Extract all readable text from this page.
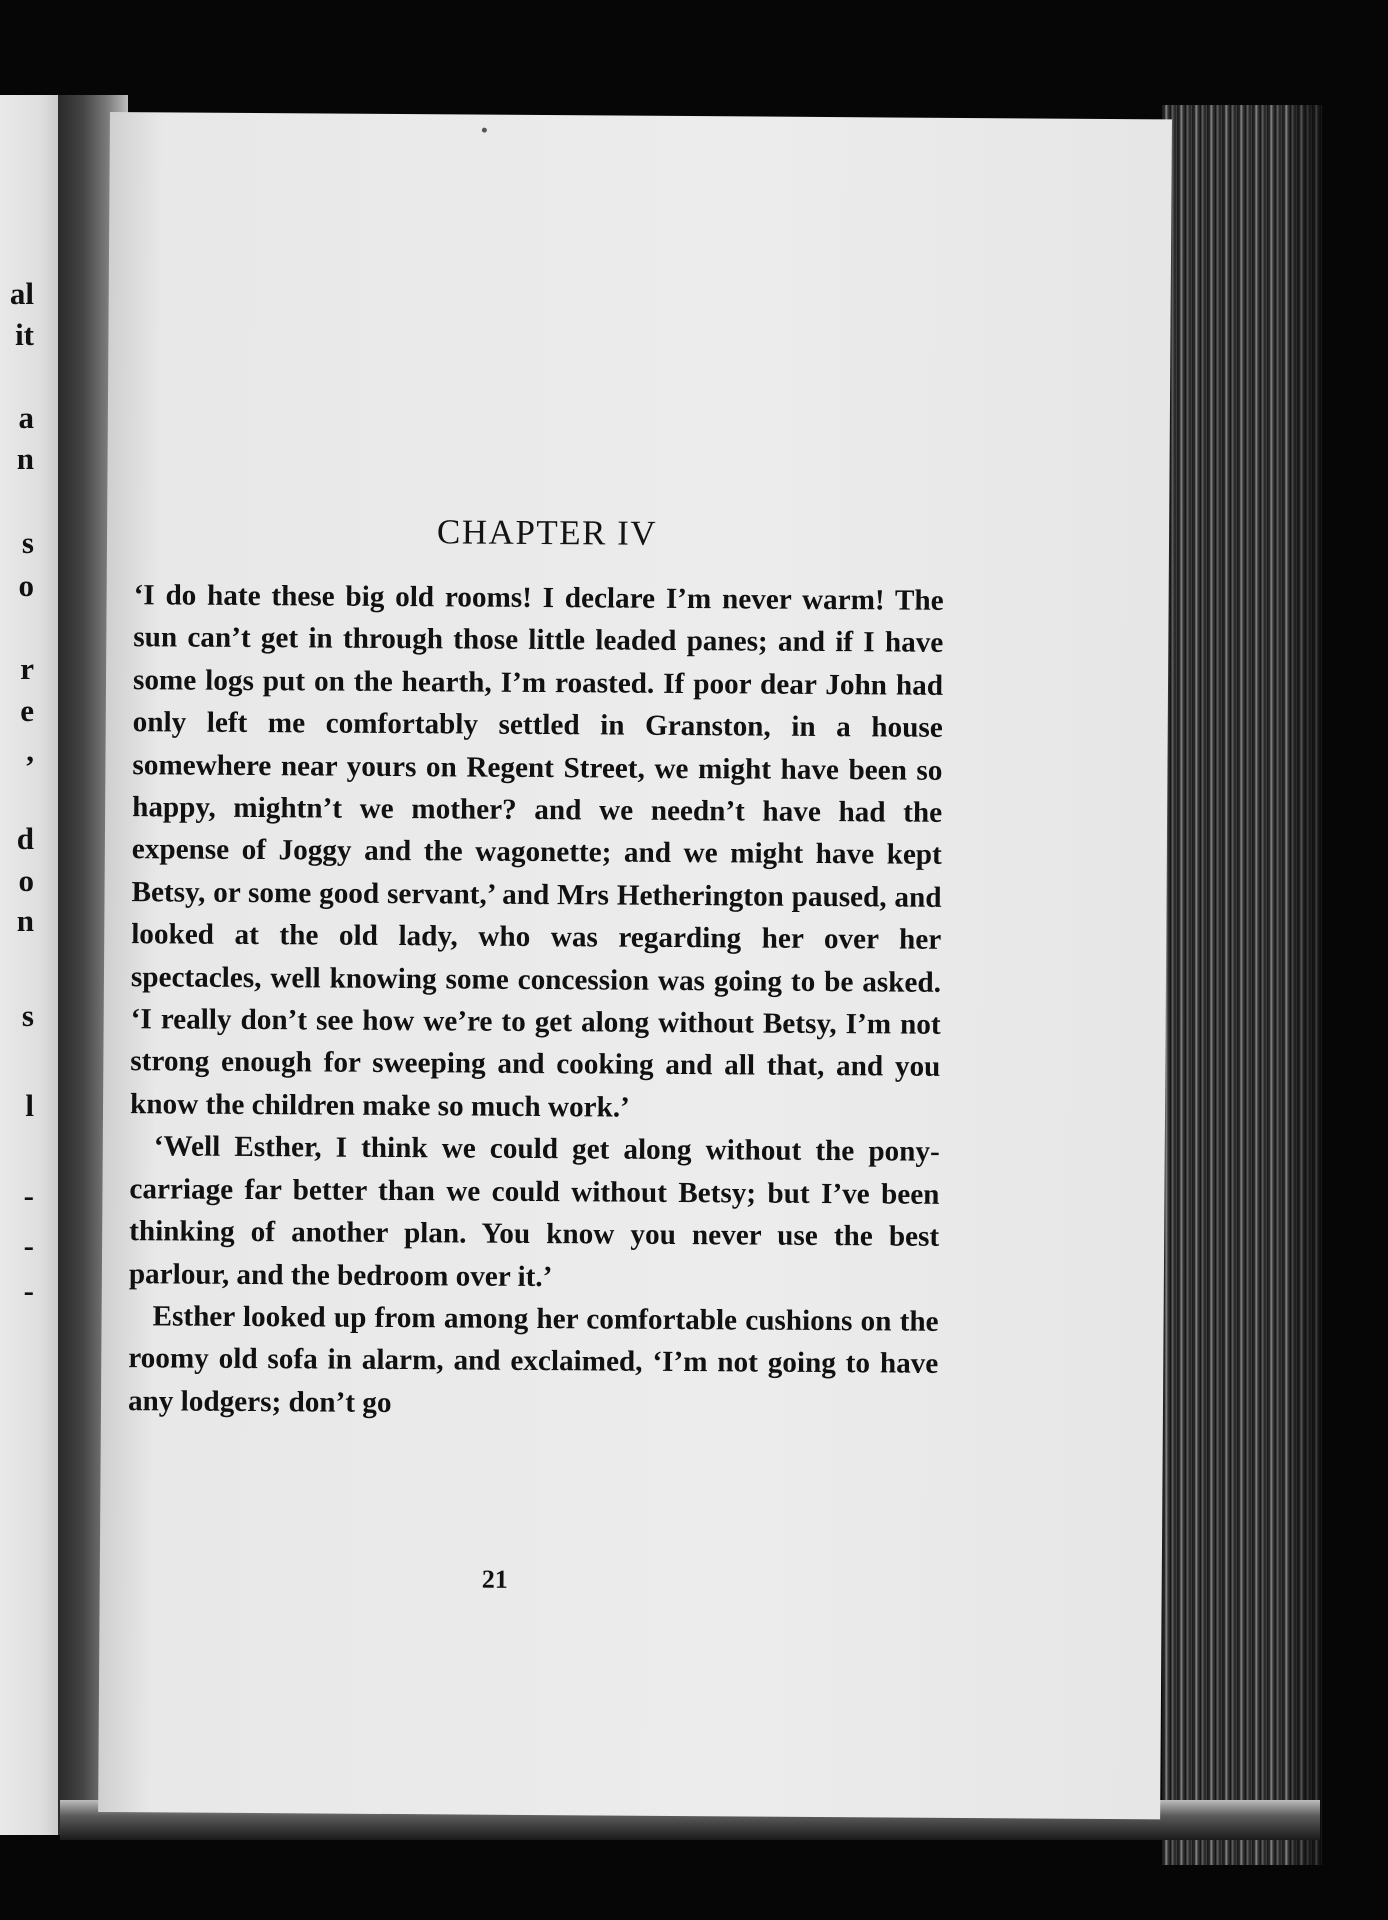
al
it
a
n
s
o
r
e
,
d
o
n
s
l
-
-
-
CHAPTER IV

‘I do hate these big old rooms! I declare I’m never warm! The sun can’t get in through those little leaded panes; and if I have some logs put on the hearth, I’m roasted. If poor dear John had only left me comfortably settled in Granston, in a house somewhere near yours on Regent Street, we might have been so happy, mightn’t we mother? and we needn’t have had the expense of Joggy and the wagonette; and we might have kept Betsy, or some good servant,’ and Mrs Hetherington paused, and looked at the old lady, who was regarding her over her spectacles, well knowing some concession was going to be asked. ‘I really don’t see how we’re to get along without Betsy, I’m not strong enough for sweeping and cooking and all that, and you know the children make so much work.’

‘Well Esther, I think we could get along without the pony-carriage far better than we could without Betsy; but I’ve been thinking of another plan. You know you never use the best parlour, and the bedroom over it.’

Esther looked up from among her comfortable cushions on the roomy old sofa in alarm, and exclaimed, ‘I’m not going to have any lodgers; don’t go

21
